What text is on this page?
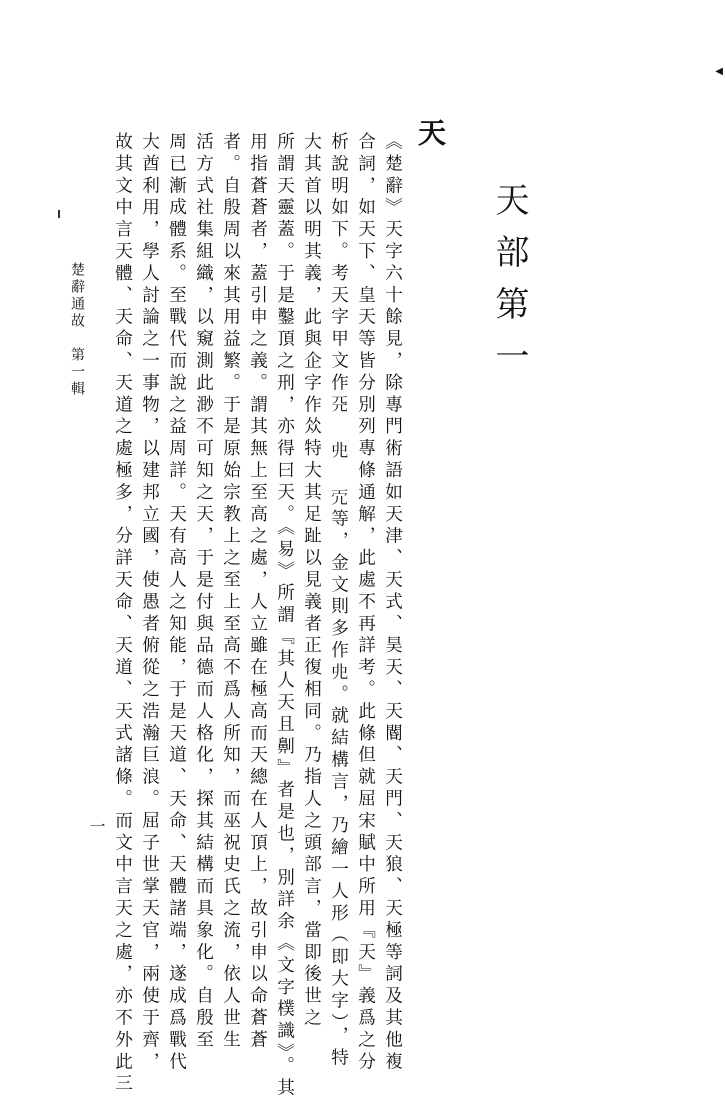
天部第一
天
《楚辭》天字六十餘見，除專門術語如天津、天式、昊天、天閽、天門、天狼、天極等詞及其他複
合詞，如天下、皇天等皆分別列專條通解，此處不再詳考。此條但就屈宋賦中所用『天』義爲之分
析說明如下。考天字甲文作𠀘 𠑹 𠑺等，金文則多作𠑹。就結構言，乃繪一人形（即大字），特
大其首以明其義，此與企字作𠈌特大其足趾以見義者正復相同。乃指人之頭部言，當即後世之
所謂天靈蓋。于是鑿頂之刑，亦得曰天。《易》所謂『其人天且劓』者是也，別詳余《文字樸識》。其
用指蒼蒼者，蓋引申之義。謂其無上至高之處，人立雖在極高而天總在人頂上，故引申以命蒼蒼
者。自殷周以來其用益繁。于是原始宗教上之至上至高不爲人所知，而巫祝史氏之流，依人世生
活方式社集組織，以窺測此渺不可知之天，于是付與品德而人格化，探其結構而具象化。自殷至
周已漸成體系。至戰代而說之益周詳。天有高人之知能，于是天道、天命、天體諸端，遂成爲戰代
大酋利用，學人討論之一事物，以建邦立國，使愚者俯從之浩瀚巨浪。屈子世掌天官，兩使于齊，
故其文中言天體、天命、天道之處極多，分詳天命、天道、天式諸條。而文中言天之處，亦不外此三
楚辭通故　第一輯
一
◀
